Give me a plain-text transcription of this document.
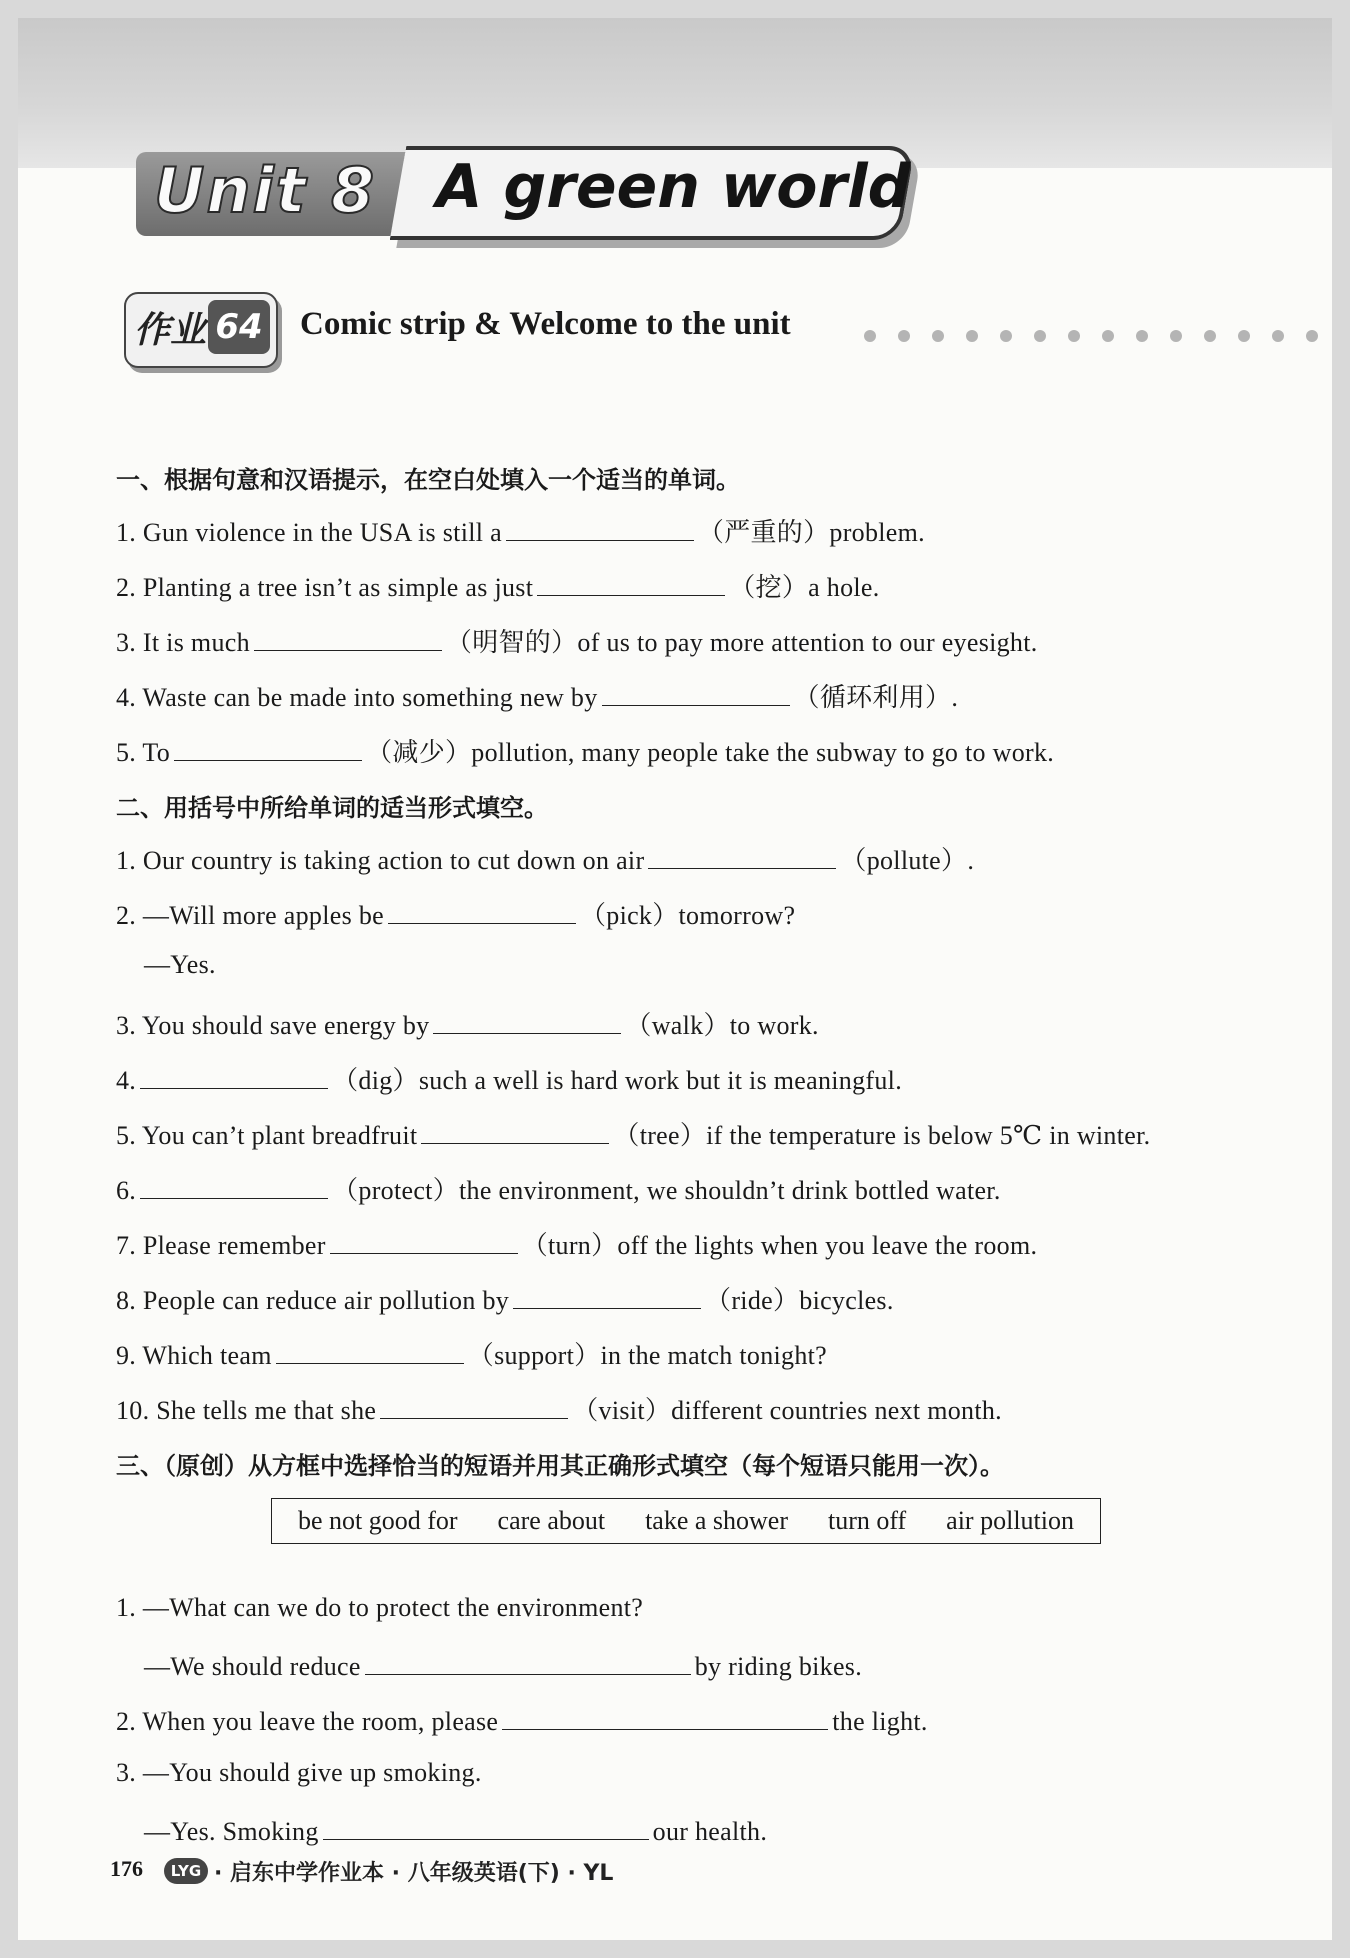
Unit 8 A green world
作业 64 Comic strip & Welcome to the unit
一、根据句意和汉语提示，在空白处填入一个适当的单词。
1. Gun violence in the USA is still a	（严重的）problem.
2. Planting a tree isn’t as simple as just	（挖）a hole.
3. It is much	（明智的）of us to pay more attention to our eyesight.
4. Waste can be made into something new by	（循环利用）.
5. To	（减少）pollution, many people take the subway to go to work.
二、用括号中所给单词的适当形式填空。
1. Our country is taking action to cut down on air	（pollute）.
2. —Will more apples be	（pick）tomorrow?
—Yes.
3. You should save energy by	（walk）to work.
4.	（dig）such a well is hard work but it is meaningful.
5. You can’t plant breadfruit	（tree）if the temperature is below 5℃ in winter.
6.	（protect）the environment, we shouldn’t drink bottled water.
7. Please remember	（turn）off the lights when you leave the room.
8. People can reduce air pollution by	（ride）bicycles.
9. Which team	（support）in the match tonight?
10. She tells me that she	（visit）different countries next month.
三、（原创）从方框中选择恰当的短语并用其正确形式填空（每个短语只能用一次）。
be not good for care about take a shower turn off air pollution
1. —What can we do to protect the environment?
—We should reduce	by riding bikes.
2. When you leave the room, please	the light.
3. —You should give up smoking.
—Yes. Smoking	our health.
176	LYG · 启东中学作业本 · 八年级英语(下) · YL
